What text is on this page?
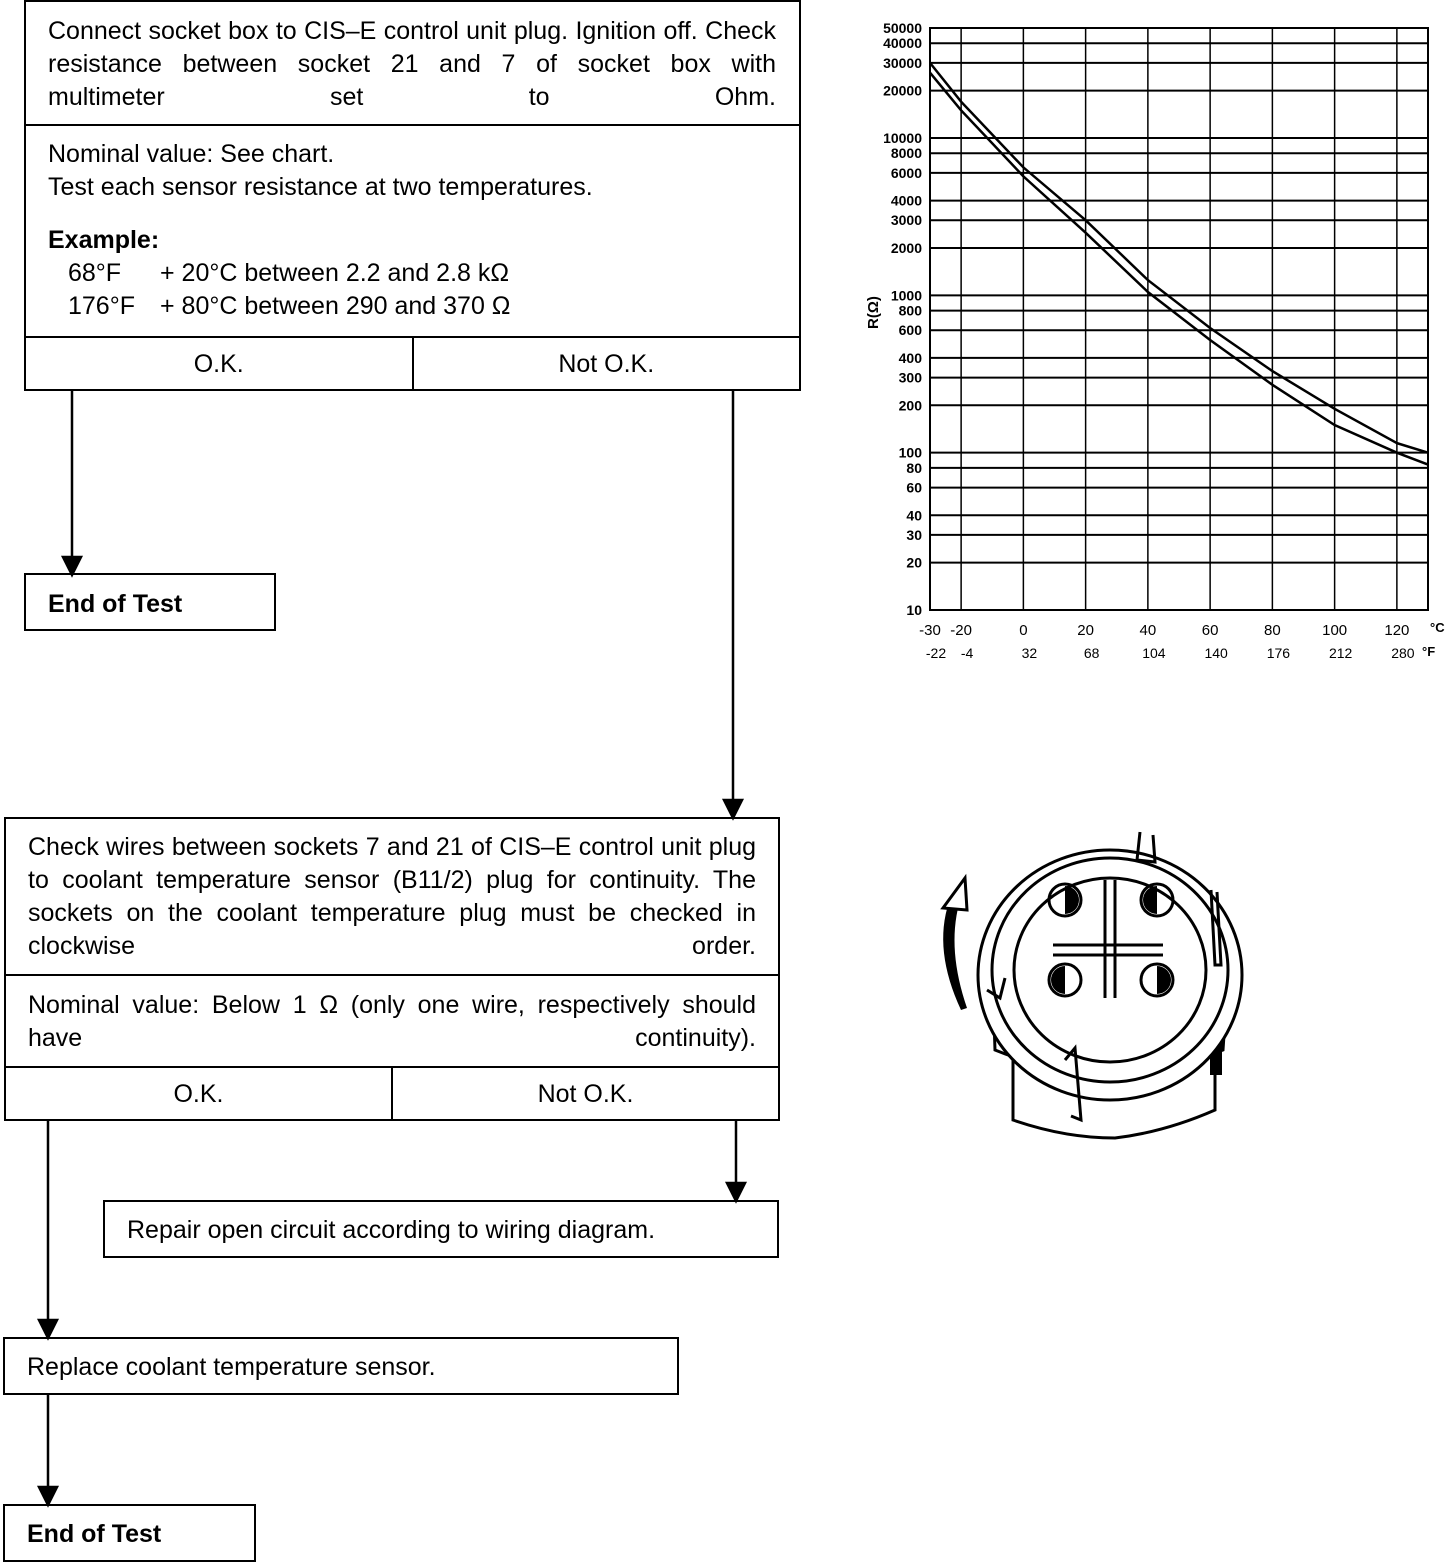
Connect socket box to CIS–E control unit plug. Ignition off. Check resistance between socket 21 and 7 of socket box with multimeter set to Ohm.
Nominal value: See chart.
Test each sensor resistance at two temperatures.
Example:
68°F	+ 20°C between 2.2 and 2.8 kΩ
176°F	+ 80°C between 290 and 370 Ω
O.K.	Not O.K.
End of Test
Check wires between sockets 7 and 21 of CIS–E control unit plug to coolant temperature sensor (B11/2) plug for continuity. The sockets on the coolant temperature plug must be checked in clockwise order.
Nominal value: Below 1 Ω (only one wire, respectively should have continuity).
O.K.	Not O.K.
Repair open circuit according to wiring diagram.
Replace coolant temperature sensor.
End of Test
50000
40000
30000
20000
10000
8000
6000
4000
3000
2000
1000
800
600
400
300
200
100
80
60
40
30
20
10
-30
-22
-20
-4
0
32
20
68
40
104
60
140
80
176
100
212
120
280
°C
°F
R(Ω)
